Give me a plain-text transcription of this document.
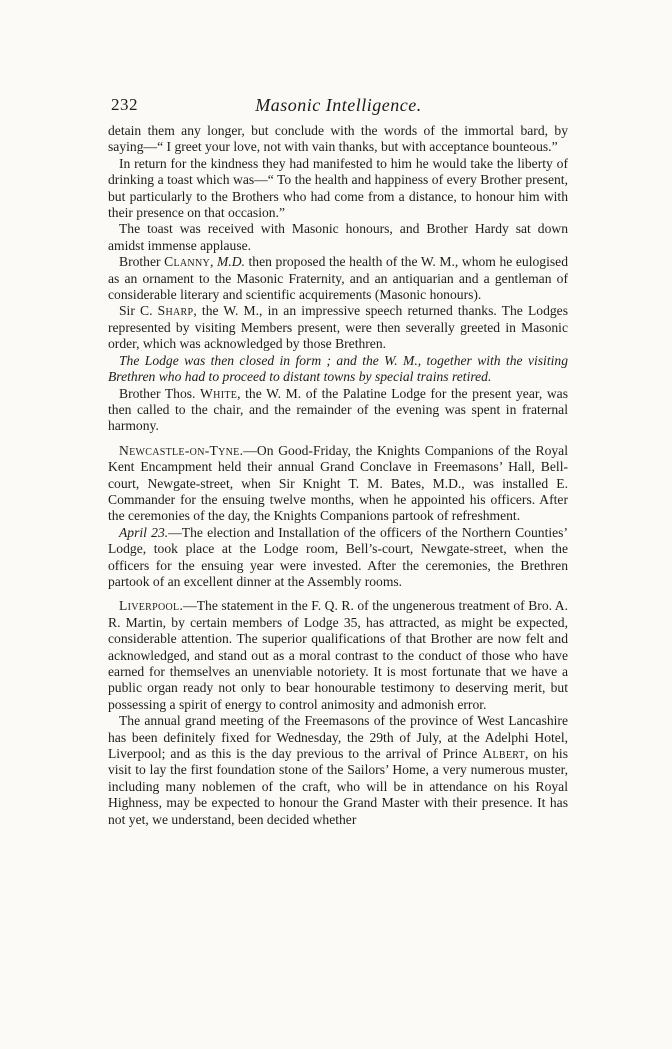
232	Masonic Intelligence.

detain them any longer, but conclude with the words of the immortal bard, by saying—“ I greet your love, not with vain thanks, but with acceptance bounteous.”

In return for the kindness they had manifested to him he would take the liberty of drinking a toast which was—“ To the health and happiness of every Brother present, but particularly to the Brothers who had come from a distance, to honour him with their presence on that occasion.”

The toast was received with Masonic honours, and Brother Hardy sat down amidst immense applause.

Brother Clanny, M.D. then proposed the health of the W. M., whom he eulogised as an ornament to the Masonic Fraternity, and an antiquarian and a gentleman of considerable literary and scientific acquirements (Masonic honours).

Sir C. Sharp, the W. M., in an impressive speech returned thanks. The Lodges represented by visiting Members present, were then severally greeted in Masonic order, which was acknowledged by those Brethren.

The Lodge was then closed in form ; and the W. M., together with the visiting Brethren who had to proceed to distant towns by special trains retired.

Brother Thos. White, the W. M. of the Palatine Lodge for the present year, was then called to the chair, and the remainder of the evening was spent in fraternal harmony.

Newcastle-on-Tyne.—On Good-Friday, the Knights Companions of the Royal Kent Encampment held their annual Grand Conclave in Freemasons’ Hall, Bell-court, Newgate-street, when Sir Knight T. M. Bates, M.D., was installed E. Commander for the ensuing twelve months, when he appointed his officers. After the ceremonies of the day, the Knights Companions partook of refreshment.

April 23.—The election and Installation of the officers of the Northern Counties’ Lodge, took place at the Lodge room, Bell’s-court, Newgate-street, when the officers for the ensuing year were invested. After the ceremonies, the Brethren partook of an excellent dinner at the Assembly rooms.

Liverpool.—The statement in the F. Q. R. of the ungenerous treatment of Bro. A. R. Martin, by certain members of Lodge 35, has attracted, as might be expected, considerable attention. The superior qualifications of that Brother are now felt and acknowledged, and stand out as a moral contrast to the conduct of those who have earned for themselves an unenviable notoriety. It is most fortunate that we have a public organ ready not only to bear honourable testimony to deserving merit, but possessing a spirit of energy to control animosity and admonish error.

The annual grand meeting of the Freemasons of the province of West Lancashire has been definitely fixed for Wednesday, the 29th of July, at the Adelphi Hotel, Liverpool; and as this is the day previous to the arrival of Prince Albert, on his visit to lay the first foundation stone of the Sailors’ Home, a very numerous muster, including many noblemen of the craft, who will be in attendance on his Royal Highness, may be expected to honour the Grand Master with their presence. It has not yet, we understand, been decided whether
